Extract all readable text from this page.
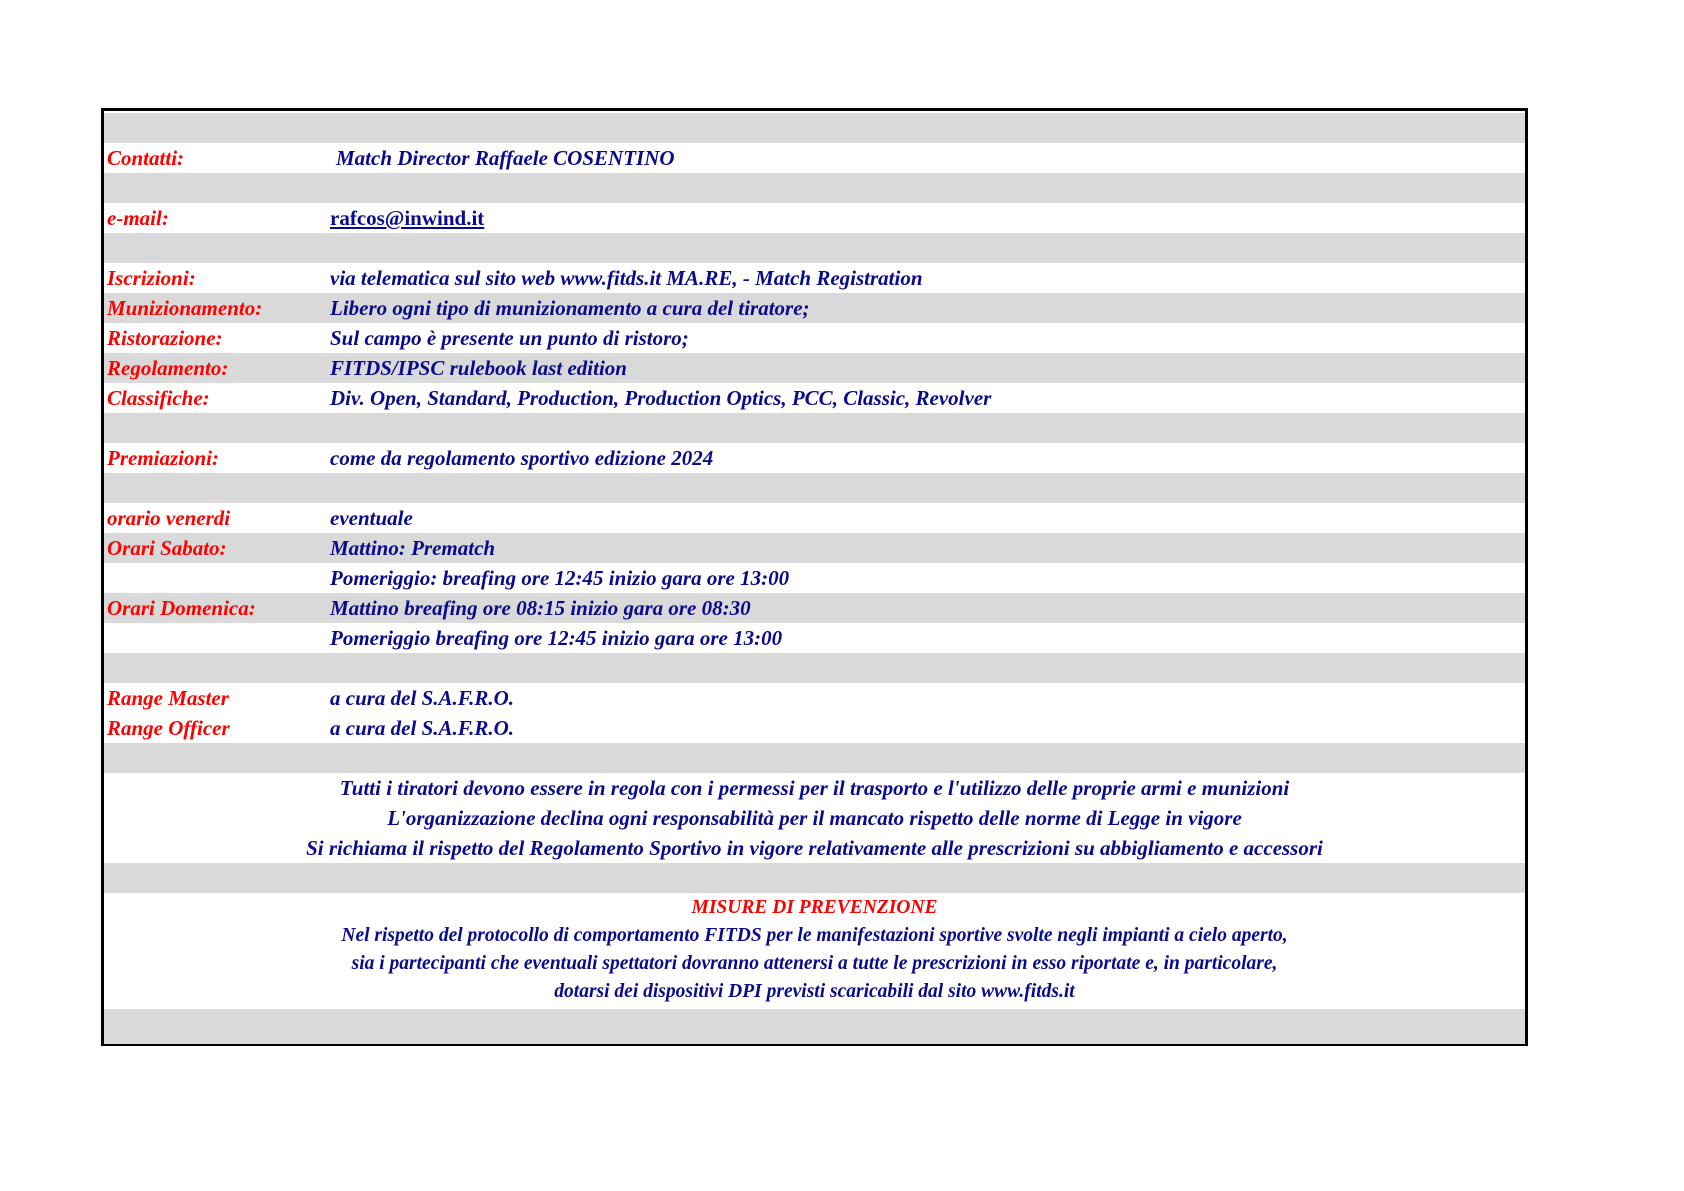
Contatti:	Match Director Raffaele COSENTINO
e-mail:	rafcos@inwind.it
Iscrizioni:	via telematica sul sito web www.fitds.it MA.RE, - Match Registration
Munizionamento:	Libero ogni tipo di munizionamento a cura del tiratore;
Ristorazione:	Sul campo è presente un punto di ristoro;
Regolamento:	FITDS/IPSC rulebook last edition
Classifiche:	Div. Open, Standard, Production, Production Optics, PCC, Classic, Revolver
Premiazioni:	come da regolamento sportivo edizione 2024
orario venerdi	eventuale
Orari Sabato:	Mattino: Prematch
Pomeriggio: breafing ore 12:45 inizio gara ore 13:00
Orari Domenica:	Mattino breafing ore 08:15 inizio gara ore 08:30
Pomeriggio breafing ore 12:45 inizio gara ore 13:00
Range Master	a cura del S.A.F.R.O.
Range Officer	a cura del S.A.F.R.O.
Tutti i tiratori devono essere in regola con i permessi per il trasporto e l'utilizzo delle proprie armi e munizioni
L'organizzazione declina ogni responsabilità per il mancato rispetto delle norme di Legge in vigore
Si richiama il rispetto del Regolamento Sportivo in vigore relativamente alle prescrizioni su abbigliamento e accessori
MISURE DI PREVENZIONE
Nel rispetto del protocollo di comportamento FITDS per le manifestazioni sportive svolte negli impianti a cielo aperto,
sia i partecipanti che eventuali spettatori dovranno attenersi a tutte le prescrizioni in esso riportate e, in particolare,
dotarsi dei dispositivi DPI previsti scaricabili dal sito www.fitds.it
